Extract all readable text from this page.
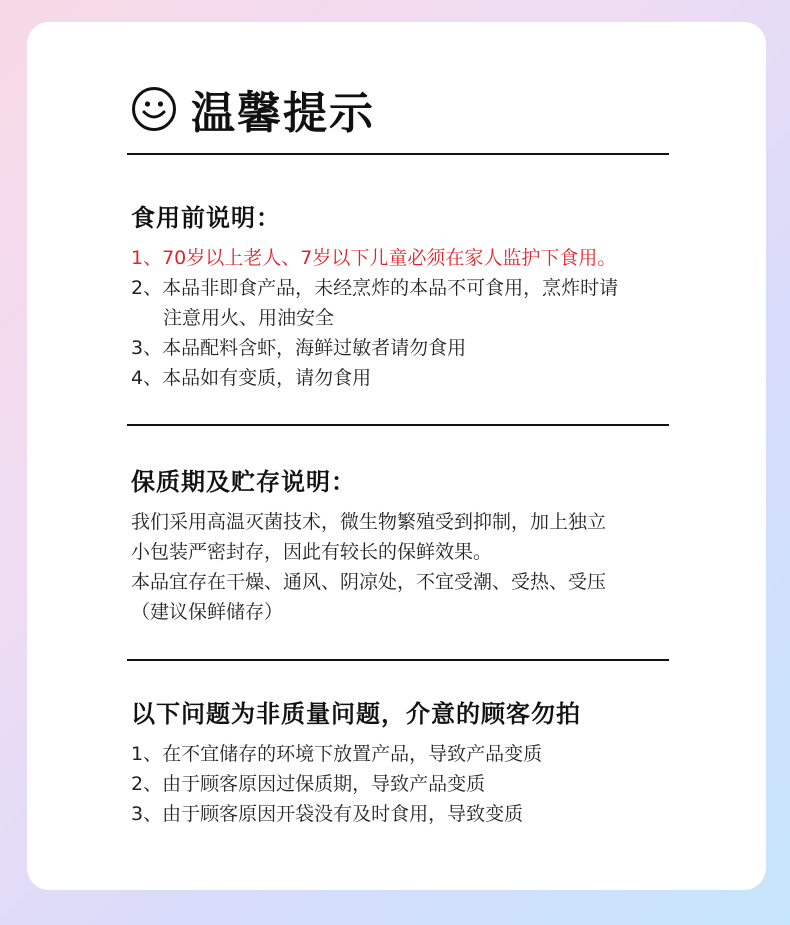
温馨提示

食用前说明：

1、70岁以上老人、7岁以下儿童必须在家人监护下食用。

2、本品非即食产品，未经烹炸的本品不可食用，烹炸时请

注意用火、用油安全

3、本品配料含虾，海鲜过敏者请勿食用

4、本品如有变质，请勿食用

保质期及贮存说明：

我们采用高温灭菌技术，微生物繁殖受到抑制，加上独立

小包装严密封存，因此有较长的保鲜效果。

本品宜存在干燥、通风、阴凉处，不宜受潮、受热、受压

（建议保鲜储存）

以下问题为非质量问题，介意的顾客勿拍

1、在不宜储存的环境下放置产品，导致产品变质

2、由于顾客原因过保质期，导致产品变质

3、由于顾客原因开袋没有及时食用，导致变质
